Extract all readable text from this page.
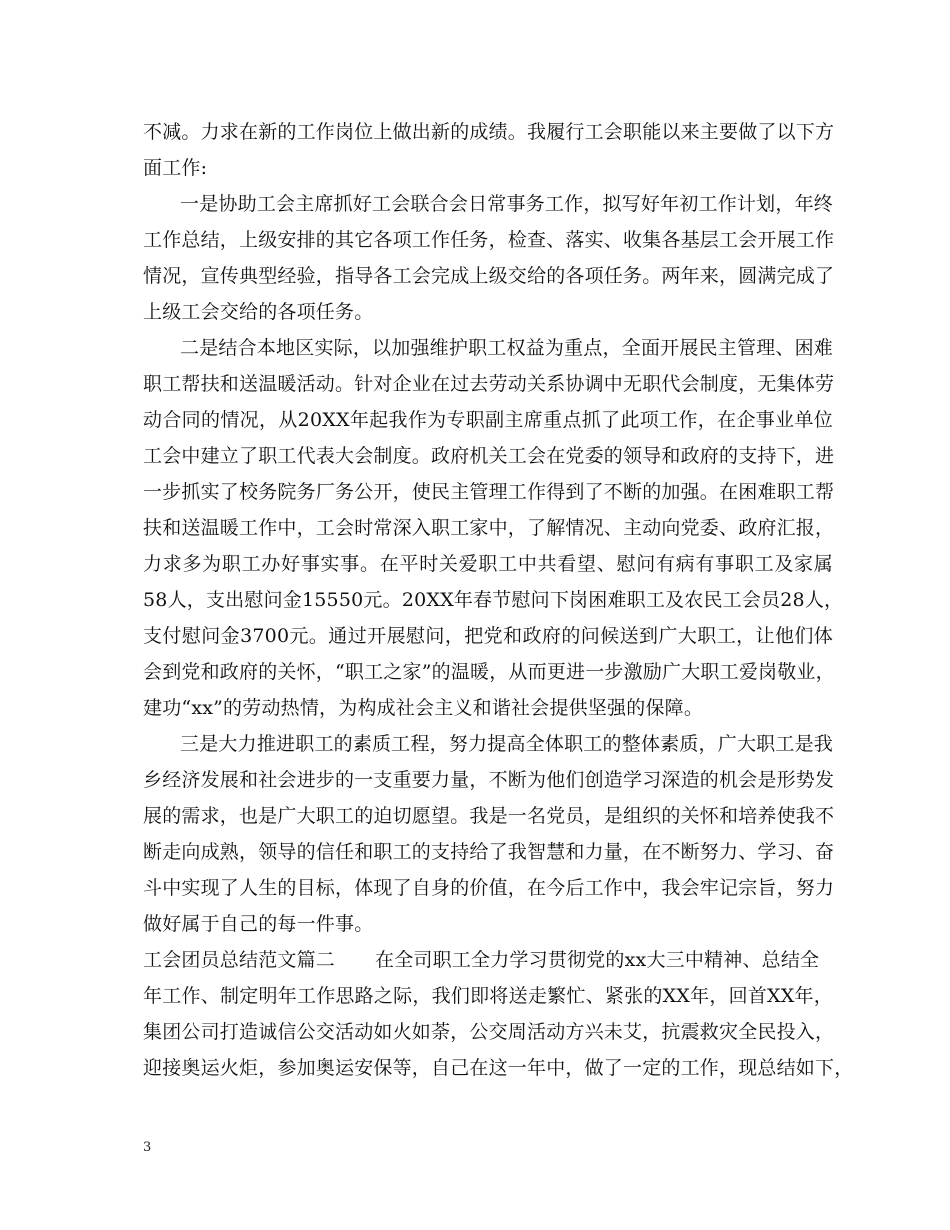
不减。力求在新的工作岗位上做出新的成绩。我履行工会职能以来主要做了以下方
面工作:
一是协助工会主席抓好工会联合会日常事务工作，拟写好年初工作计划，年终
工作总结，上级安排的其它各项工作任务，检查、落实、收集各基层工会开展工作
情况，宣传典型经验，指导各工会完成上级交给的各项任务。两年来，圆满完成了
上级工会交给的各项任务。
二是结合本地区实际，以加强维护职工权益为重点，全面开展民主管理、困难
职工帮扶和送温暖活动。针对企业在过去劳动关系协调中无职代会制度，无集体劳
动合同的情况，从20XX年起我作为专职副主席重点抓了此项工作，在企事业单位
工会中建立了职工代表大会制度。政府机关工会在党委的领导和政府的支持下，进
一步抓实了校务院务厂务公开，使民主管理工作得到了不断的加强。在困难职工帮
扶和送温暖工作中，工会时常深入职工家中，了解情况、主动向党委、政府汇报，
力求多为职工办好事实事。在平时关爱职工中共看望、慰问有病有事职工及家属
58人，支出慰问金15550元。20XX年春节慰问下岗困难职工及农民工会员28人，
支付慰问金3700元。通过开展慰问，把党和政府的问候送到广大职工，让他们体
会到党和政府的关怀，“职工之家”的温暖，从而更进一步激励广大职工爱岗敬业，
建功“xx”的劳动热情，为构成社会主义和谐社会提供坚强的保障。
三是大力推进职工的素质工程，努力提高全体职工的整体素质，广大职工是我
乡经济发展和社会进步的一支重要力量，不断为他们创造学习深造的机会是形势发
展的需求，也是广大职工的迫切愿望。我是一名党员，是组织的关怀和培养使我不
断走向成熟，领导的信任和职工的支持给了我智慧和力量，在不断努力、学习、奋
斗中实现了人生的目标，体现了自身的价值，在今后工作中，我会牢记宗旨，努力
做好属于自己的每一件事。
工会团员总结范文篇二 在全司职工全力学习贯彻党的xx大三中精神、总结全
年工作、制定明年工作思路之际，我们即将送走繁忙、紧张的XX年，回首XX年，
集团公司打造诚信公交活动如火如荼，公交周活动方兴未艾，抗震救灾全民投入，
迎接奥运火炬，参加奥运安保等，自己在这一年中，做了一定的工作，现总结如下，
3
